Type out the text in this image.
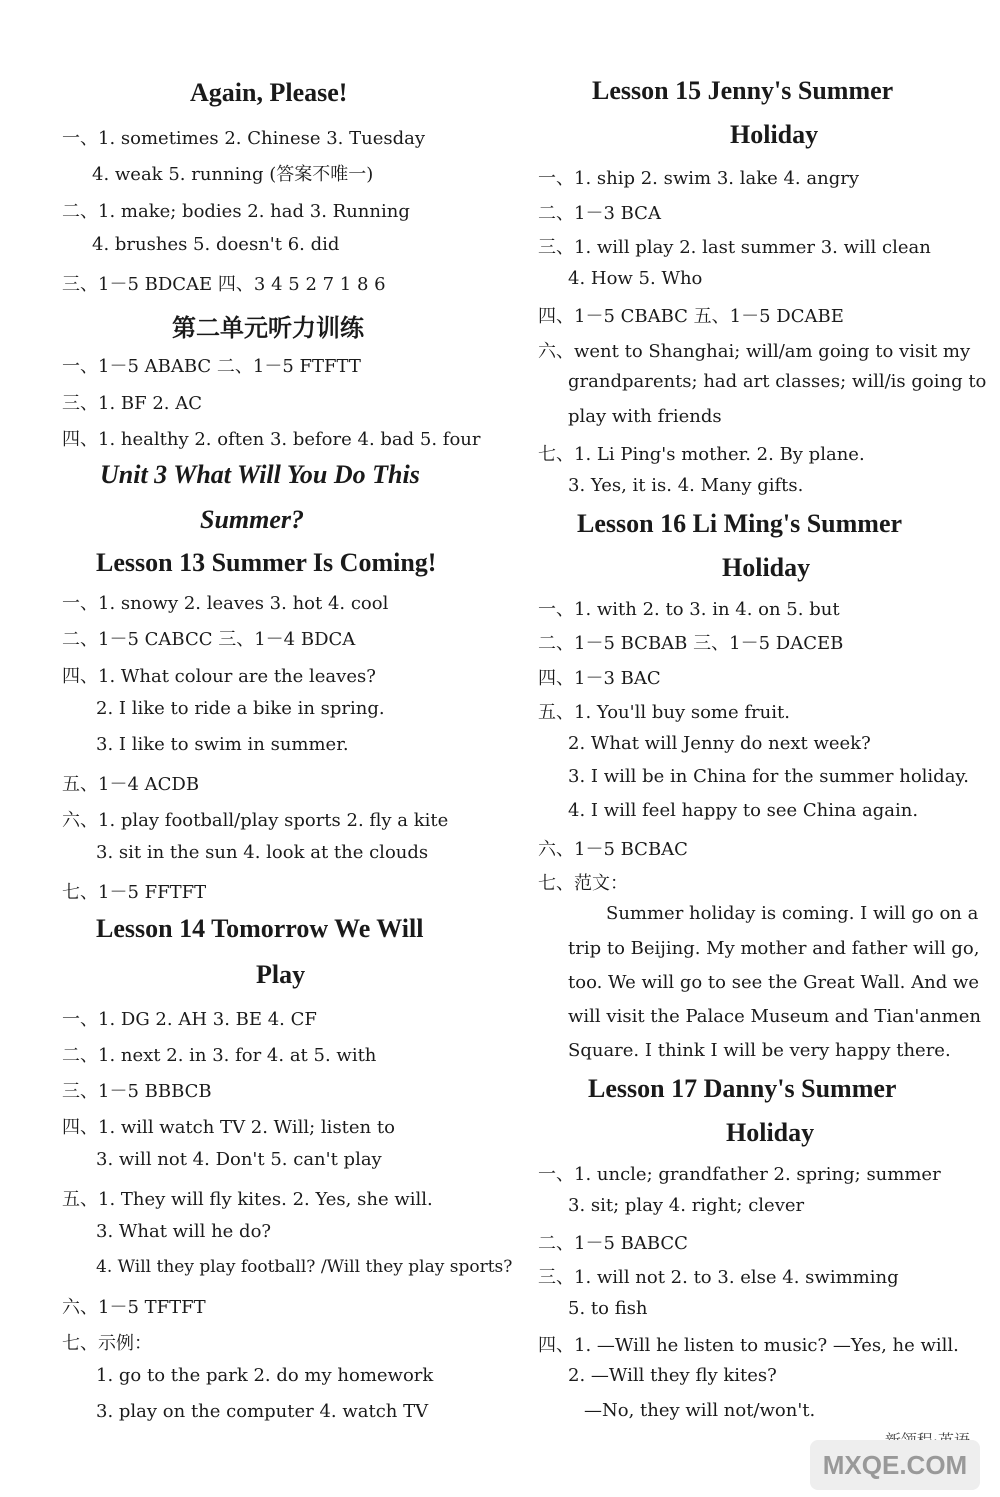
Again, Please!
一、1. sometimes 2. Chinese 3. Tuesday
4. weak 5. running (答案不唯一)
二、1. make; bodies 2. had 3. Running
4. brushes 5. doesn't 6. did
三、1－5 BDCAE 四、3 4 5 2 7 1 8 6
第二单元听力训练
一、1－5 ABABC 二、1－5 FTFTT
三、1. BF 2. AC
四、1. healthy 2. often 3. before 4. bad 5. four
Unit 3 What Will You Do This
Summer?
Lesson 13 Summer Is Coming!
一、1. snowy 2. leaves 3. hot 4. cool
二、1－5 CABCC 三、1－4 BDCA
四、1. What colour are the leaves?
2. I like to ride a bike in spring.
3. I like to swim in summer.
五、1－4 ACDB
六、1. play football/play sports 2. fly a kite
3. sit in the sun 4. look at the clouds
七、1－5 FFTFT
Lesson 14 Tomorrow We Will
Play
一、1. DG 2. AH 3. BE 4. CF
二、1. next 2. in 3. for 4. at 5. with
三、1－5 BBBCB
四、1. will watch TV 2. Will; listen to
3. will not 4. Don't 5. can't play
五、1. They will fly kites. 2. Yes, she will.
3. What will he do?
4. Will they play football? /Will they play sports?
六、1－5 TFTFT
七、示例：
1. go to the park 2. do my homework
3. play on the computer 4. watch TV
Lesson 15 Jenny's Summer
Holiday
一、1. ship 2. swim 3. lake 4. angry
二、1－3 BCA
三、1. will play 2. last summer 3. will clean
4. How 5. Who
四、1－5 CBABC 五、1－5 DCABE
六、went to Shanghai; will/am going to visit my
grandparents; had art classes; will/is going to
play with friends
七、1. Li Ping's mother. 2. By plane.
3. Yes, it is. 4. Many gifts.
Lesson 16 Li Ming's Summer
Holiday
一、1. with 2. to 3. in 4. on 5. but
二、1－5 BCBAB 三、1－5 DACEB
四、1－3 BAC
五、1. You'll buy some fruit.
2. What will Jenny do next week?
3. I will be in China for the summer holiday.
4. I will feel happy to see China again.
六、1－5 BCBAC
七、范文：
Summer holiday is coming. I will go on a
trip to Beijing. My mother and father will go,
too. We will go to see the Great Wall. And we
will visit the Palace Museum and Tian'anmen
Square. I think I will be very happy there.
Lesson 17 Danny's Summer
Holiday
一、1. uncle; grandfather 2. spring; summer
3. sit; play 4. right; clever
二、1－5 BABCC
三、1. will not 2. to 3. else 4. swimming
5. to fish
四、1. —Will he listen to music? —Yes, he will.
2. —Will they fly kites?
—No, they will not/won't.
MXQE.COM
